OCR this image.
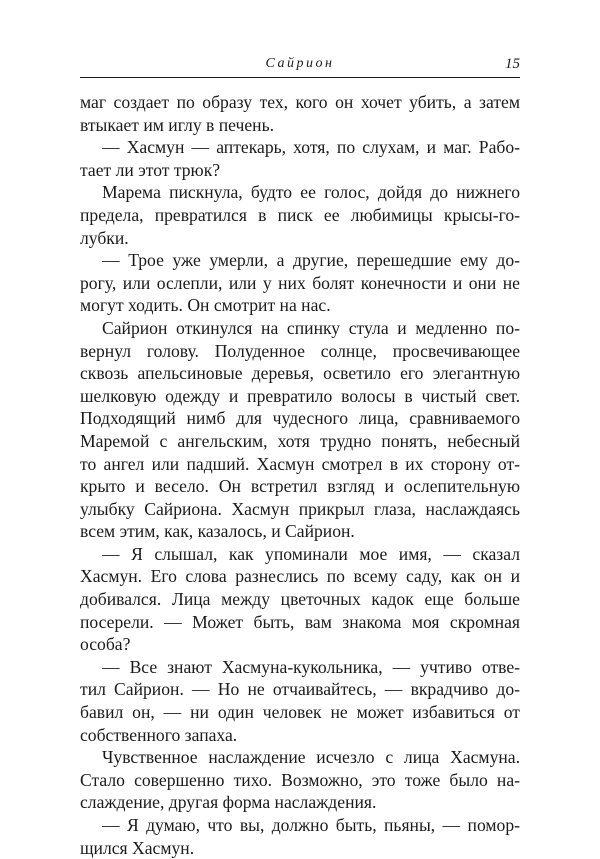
Сайрион	15
маг создает по образу тех, кого он хочет убить, а затем
втыкает им иглу в печень.
— Хасмун — аптекарь, хотя, по слухам, и маг. Рабо-
тает ли этот трюк?
Марема пискнула, будто ее голос, дойдя до нижнего
предела, превратился в писк ее любимицы крысы-го-
лубки.
— Трое уже умерли, а другие, перешедшие ему до-
рогу, или ослепли, или у них болят конечности и они не
могут ходить. Он смотрит на нас.
Сайрион откинулся на спинку стула и медленно по-
вернул голову. Полуденное солнце, просвечивающее
сквозь апельсиновые деревья, осветило его элегантную
шелковую одежду и превратило волосы в чистый свет.
Подходящий нимб для чудесного лица, сравниваемого
Маремой с ангельским, хотя трудно понять, небесный
то ангел или падший. Хасмун смотрел в их сторону от-
крыто и весело. Он встретил взгляд и ослепительную
улыбку Сайриона. Хасмун прикрыл глаза, наслаждаясь
всем этим, как, казалось, и Сайрион.
— Я слышал, как упоминали мое имя, — сказал
Хасмун. Его слова разнеслись по всему саду, как он и
добивался. Лица между цветочных кадок еще больше
посерели. — Может быть, вам знакома моя скромная
особа?
— Все знают Хасмуна-кукольника, — учтиво отве-
тил Сайрион. — Но не отчаивайтесь, — вкрадчиво до-
бавил он, — ни один человек не может избавиться от
собственного запаха.
Чувственное наслаждение исчезло с лица Хасмуна.
Стало совершенно тихо. Возможно, это тоже было на-
слаждение, другая форма наслаждения.
— Я думаю, что вы, должно быть, пьяны, — помор-
щился Хасмун.
